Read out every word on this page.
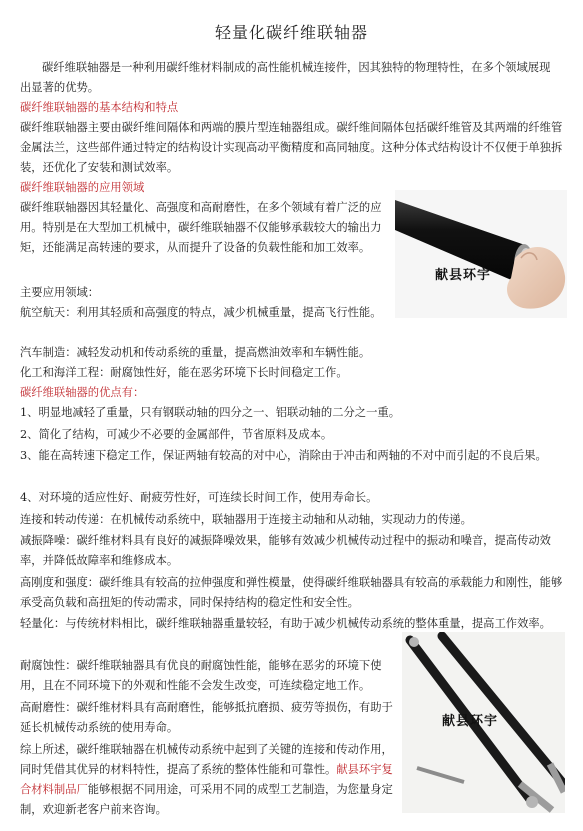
轻量化碳纤维联轴器

碳纤维联轴器是一种利用碳纤维材料制成的高性能机械连接件，因其独特的物理特性，在多个领域展现出显著的优势。

碳纤维联轴器的基本结构和特点

碳纤维联轴器主要由碳纤维间隔体和两端的膜片型连轴器组成。碳纤维间隔体包括碳纤维管及其两端的纤维管金属法兰，这些部件通过特定的结构设计实现高动平衡精度和高同轴度。这种分体式结构设计不仅便于单独拆装，还优化了安装和测试效率。

碳纤维联轴器的应用领域

碳纤维联轴器因其轻量化、高强度和高耐磨性，在多个领域有着广泛的应用。特别是在大型加工机械中，碳纤维联轴器不仅能够承载较大的输出力矩，还能满足高转速的要求，从而提升了设备的负载性能和加工效率。

主要应用领域：

航空航天：利用其轻质和高强度的特点，减少机械重量，提高飞行性能。

汽车制造：减轻发动机和传动系统的重量，提高燃油效率和车辆性能。

化工和海洋工程：耐腐蚀性好，能在恶劣环境下长时间稳定工作。

碳纤维联轴器的优点有：

1、明显地减轻了重量，只有钢联动轴的四分之一、铝联动轴的二分之一重。

2、简化了结构，可减少不必要的金属部件，节省原料及成本。

3、能在高转速下稳定工作，保证两轴有较高的对中心，消除由于冲击和两轴的不对中而引起的不良后果。

4、对环境的适应性好、耐疲劳性好，可连续长时间工作，使用寿命长。

连接和转动传递：在机械传动系统中，联轴器用于连接主动轴和从动轴，实现动力的传递。

减振降噪：碳纤维材料具有良好的减振降噪效果，能够有效减少机械传动过程中的振动和噪音，提高传动效率，并降低故障率和维修成本。

高刚度和强度：碳纤维具有较高的拉伸强度和弹性模量，使得碳纤维联轴器具有较高的承载能力和刚性，能够承受高负载和高扭矩的传动需求，同时保持结构的稳定性和安全性。

轻量化：与传统材料相比，碳纤维联轴器重量较轻，有助于减少机械传动系统的整体重量，提高工作效率。

耐腐蚀性：碳纤维联轴器具有优良的耐腐蚀性能，能够在恶劣的环境下使用，且在不同环境下的外观和性能不会发生改变，可连续稳定地工作。

高耐磨性：碳纤维材料具有高耐磨性，能够抵抗磨损、疲劳等损伤，有助于延长机械传动系统的使用寿命。

综上所述，碳纤维联轴器在机械传动系统中起到了关键的连接和传动作用，同时凭借其优异的材料特性，提高了系统的整体性能和可靠性。献县环宇复合材料制品厂能够根据不同用途，可采用不同的成型工艺制造，为您量身定制，欢迎新老客户前来咨询。

献县环宇
献县环宇
